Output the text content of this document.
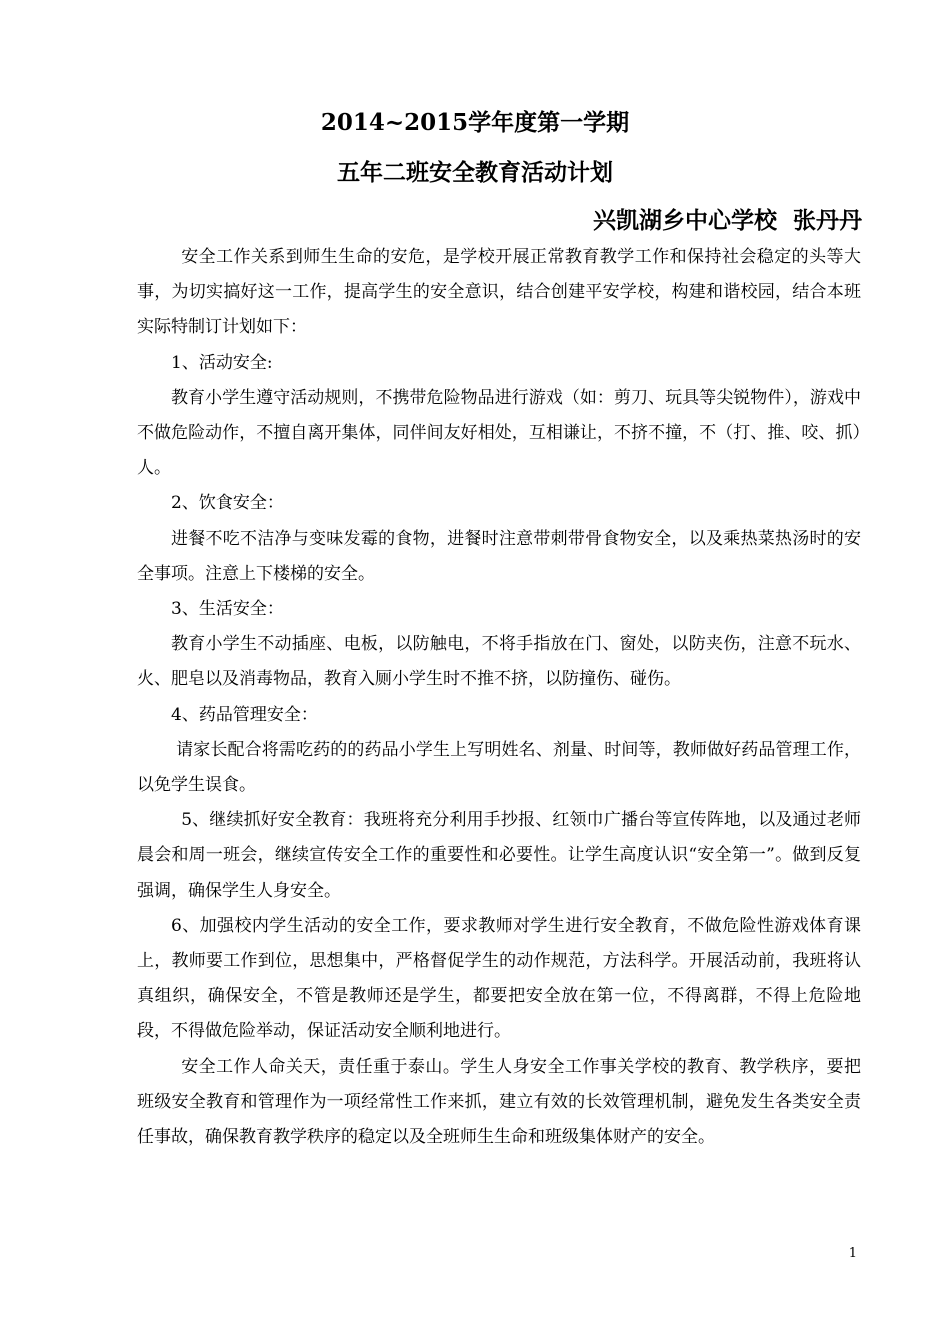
2014~2015学年度第一学期
五年二班安全教育活动计划
兴凯湖乡中心学校  张丹丹

安全工作关系到师生生命的安危，是学校开展正常教育教学工作和保持社会稳定的头等大事，为切实搞好这一工作，提高学生的安全意识，结合创建平安学校，构建和谐校园，结合本班实际特制订计划如下：

1、活动安全:

教育小学生遵守活动规则，不携带危险物品进行游戏（如：剪刀、玩具等尖锐物件），游戏中不做危险动作，不擅自离开集体，同伴间友好相处，互相谦让，不挤不撞，不（打、推、咬、抓）人。

2、饮食安全：

进餐不吃不洁净与变味发霉的食物，进餐时注意带刺带骨食物安全，以及乘热菜热汤时的安全事项。注意上下楼梯的安全。

3、生活安全：

教育小学生不动插座、电板，以防触电，不将手指放在门、窗处，以防夹伤，注意不玩水、火、肥皂以及消毒物品，教育入厕小学生时不推不挤，以防撞伤、碰伤。

4、药品管理安全：

请家长配合将需吃药的的药品小学生上写明姓名、剂量、时间等，教师做好药品管理工作，以免学生误食。

5、继续抓好安全教育：我班将充分利用手抄报、红领巾广播台等宣传阵地，以及通过老师晨会和周一班会，继续宣传安全工作的重要性和必要性。让学生高度认识“安全第一”。做到反复强调，确保学生人身安全。

6、加强校内学生活动的安全工作，要求教师对学生进行安全教育，不做危险性游戏体育课上，教师要工作到位，思想集中，严格督促学生的动作规范，方法科学。开展活动前，我班将认真组织，确保安全，不管是教师还是学生，都要把安全放在第一位，不得离群，不得上危险地段，不得做危险举动，保证活动安全顺利地进行。

安全工作人命关天，责任重于泰山。学生人身安全工作事关学校的教育、教学秩序，要把班级安全教育和管理作为一项经常性工作来抓，建立有效的长效管理机制，避免发生各类安全责任事故，确保教育教学秩序的稳定以及全班师生生命和班级集体财产的安全。

1
